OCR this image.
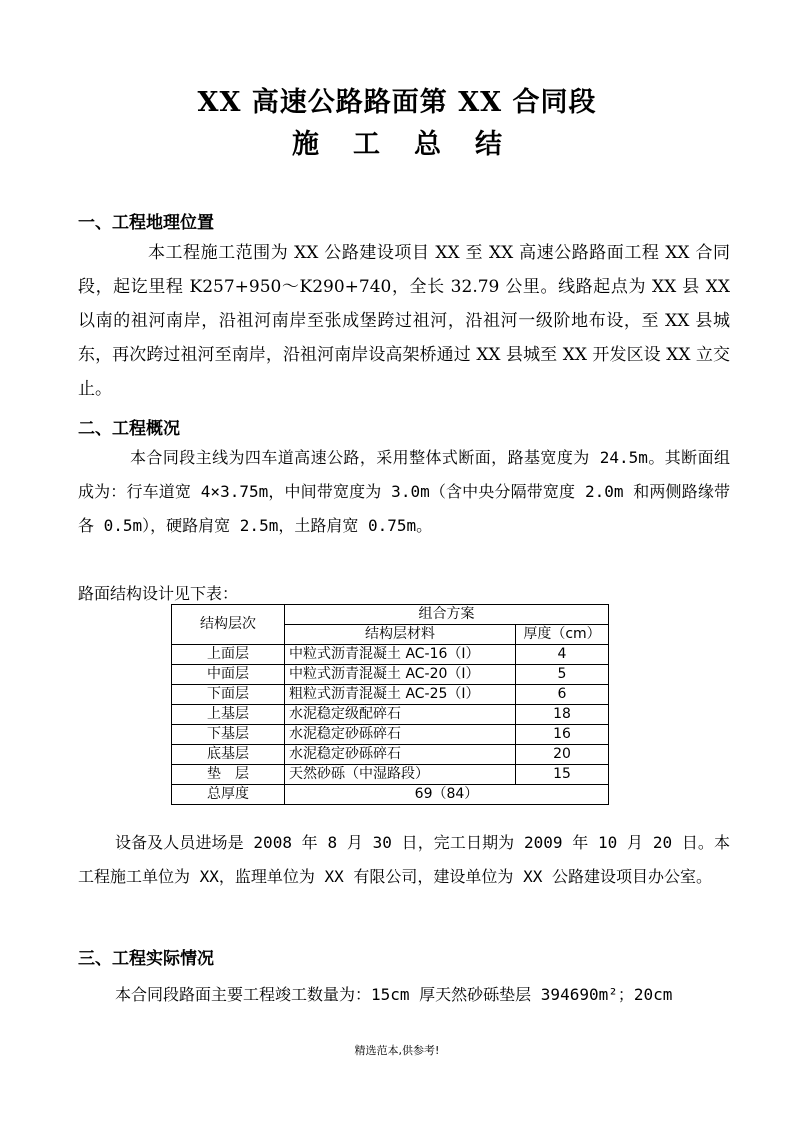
XX 高速公路路面第 XX 合同段
施工总结
一、工程地理位置
本工程施工范围为 XX 公路建设项目 XX 至 XX 高速公路路面工程 XX 合同段，起讫里程 K257+950～K290+740，全长 32.79 公里。线路起点为 XX 县 XX 以南的祖河南岸，沿祖河南岸至张成堡跨过祖河，沿祖河一级阶地布设，至 XX 县城东，再次跨过祖河至南岸，沿祖河南岸设高架桥通过 XX 县城至 XX 开发区设 XX 立交止。
二、工程概况
本合同段主线为四车道高速公路，采用整体式断面，路基宽度为 24.5m。其断面组成为：行车道宽 4×3.75m，中间带宽度为 3.0m（含中央分隔带宽度 2.0m 和两侧路缘带各 0.5m），硬路肩宽 2.5m，土路肩宽 0.75m。
路面结构设计见下表：
结构层次	组合方案	
	结构层材料	厚度（cm）
上面层	中粒式沥青混凝土 AC-16（I）	4
中面层	中粒式沥青混凝土 AC-20（I）	5
下面层	粗粒式沥青混凝土 AC-25（I）	6
上基层	水泥稳定级配碎石	18
下基层	水泥稳定砂砾碎石	16
底基层	水泥稳定砂砾碎石	20
垫　层	天然砂砾（中湿路段）	15
总厚度	69（84）	
设备及人员进场是 2008 年 8 月 30 日，完工日期为 2009 年 10 月 20 日。本工程施工单位为 XX，监理单位为 XX 有限公司，建设单位为 XX 公路建设项目办公室。
三、工程实际情况
本合同段路面主要工程竣工数量为：15cm 厚天然砂砾垫层 394690m²；20cm
精选范本,供参考!
